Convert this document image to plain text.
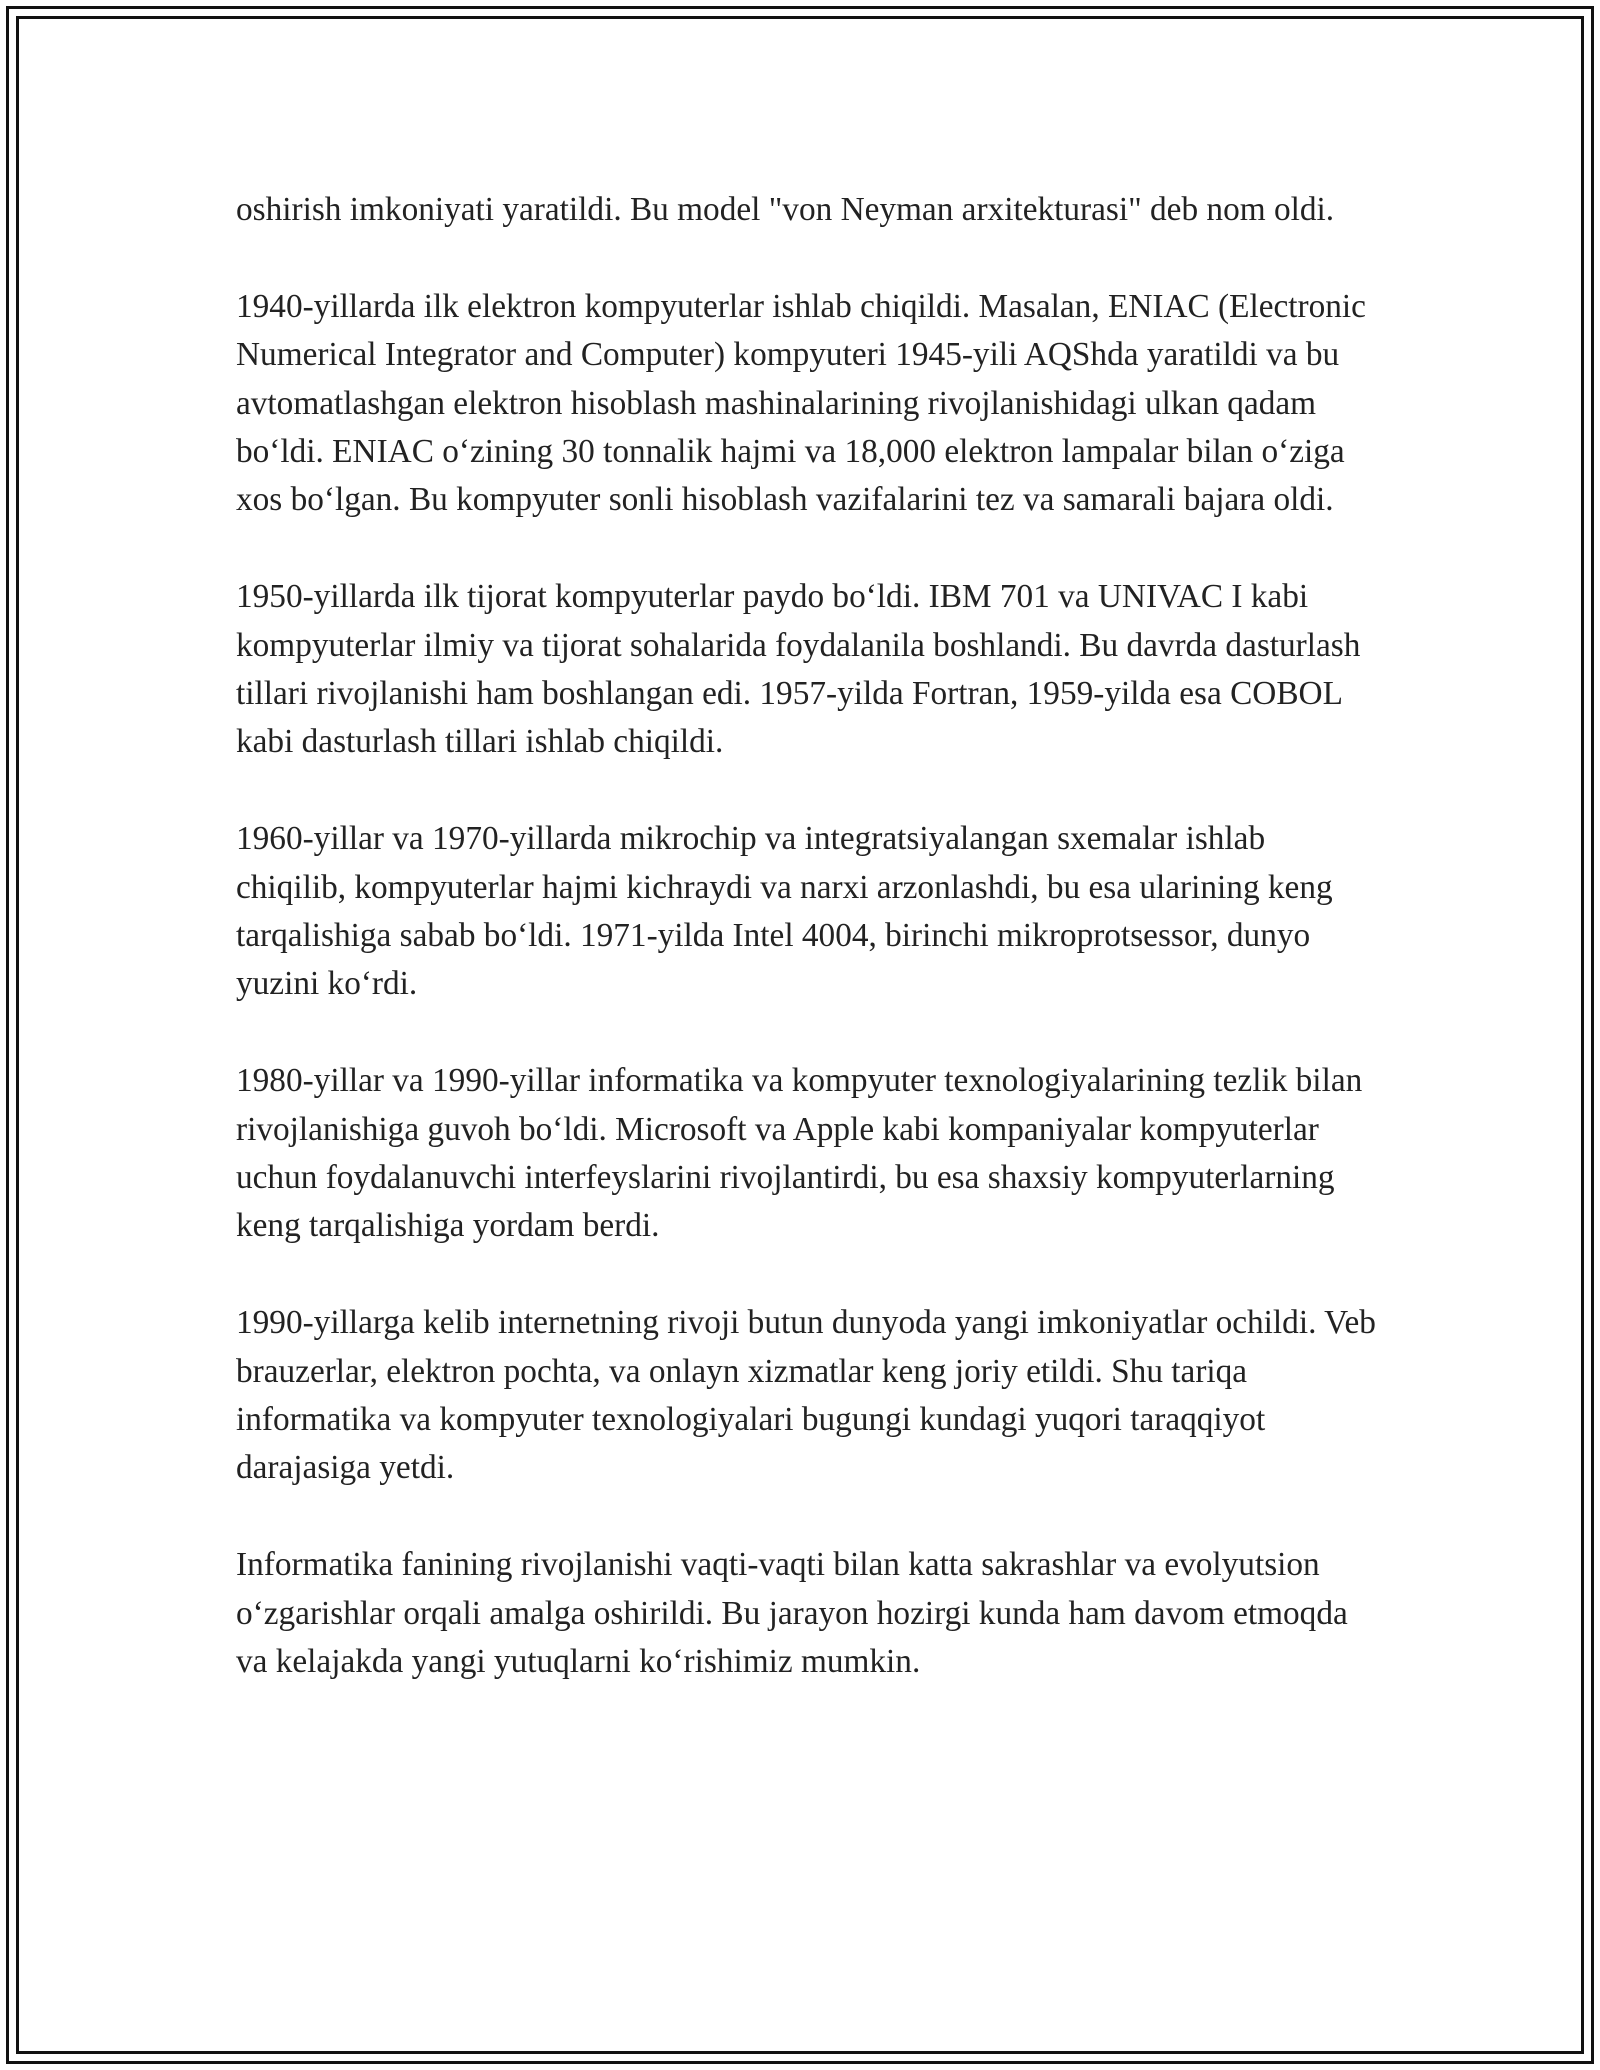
oshirish imkoniyati yaratildi. Bu model "von Neyman arxitekturasi" deb nom oldi.

1940-yillarda ilk elektron kompyuterlar ishlab chiqildi. Masalan, ENIAC (Electronic Numerical Integrator and Computer) kompyuteri 1945-yili AQShda yaratildi va bu avtomatlashgan elektron hisoblash mashinalarining rivojlanishidagi ulkan qadam boʻldi. ENIAC oʻzining 30 tonnalik hajmi va 18,000 elektron lampalar bilan oʻziga xos boʻlgan. Bu kompyuter sonli hisoblash vazifalarini tez va samarali bajara oldi.

1950-yillarda ilk tijorat kompyuterlar paydo boʻldi. IBM 701 va UNIVAC I kabi kompyuterlar ilmiy va tijorat sohalarida foydalanila boshlandi. Bu davrda dasturlash tillari rivojlanishi ham boshlangan edi. 1957-yilda Fortran, 1959-yilda esa COBOL kabi dasturlash tillari ishlab chiqildi.

1960-yillar va 1970-yillarda mikrochip va integratsiyalangan sxemalar ishlab chiqilib, kompyuterlar hajmi kichraydi va narxi arzonlashdi, bu esa ularining keng tarqalishiga sabab boʻldi. 1971-yilda Intel 4004, birinchi mikroprotsessor, dunyo yuzini koʻrdi.

1980-yillar va 1990-yillar informatika va kompyuter texnologiyalarining tezlik bilan rivojlanishiga guvoh boʻldi. Microsoft va Apple kabi kompaniyalar kompyuterlar uchun foydalanuvchi interfeyslarini rivojlantirdi, bu esa shaxsiy kompyuterlarning keng tarqalishiga yordam berdi.

1990-yillarga kelib internetning rivoji butun dunyoda yangi imkoniyatlar ochildi. Veb brauzerlar, elektron pochta, va onlayn xizmatlar keng joriy etildi. Shu tariqa informatika va kompyuter texnologiyalari bugungi kundagi yuqori taraqqiyot darajasiga yetdi.

Informatika fanining rivojlanishi vaqti-vaqti bilan katta sakrashlar va evolyutsion oʻzgarishlar orqali amalga oshirildi. Bu jarayon hozirgi kunda ham davom etmoqda va kelajakda yangi yutuqlarni koʻrishimiz mumkin.
